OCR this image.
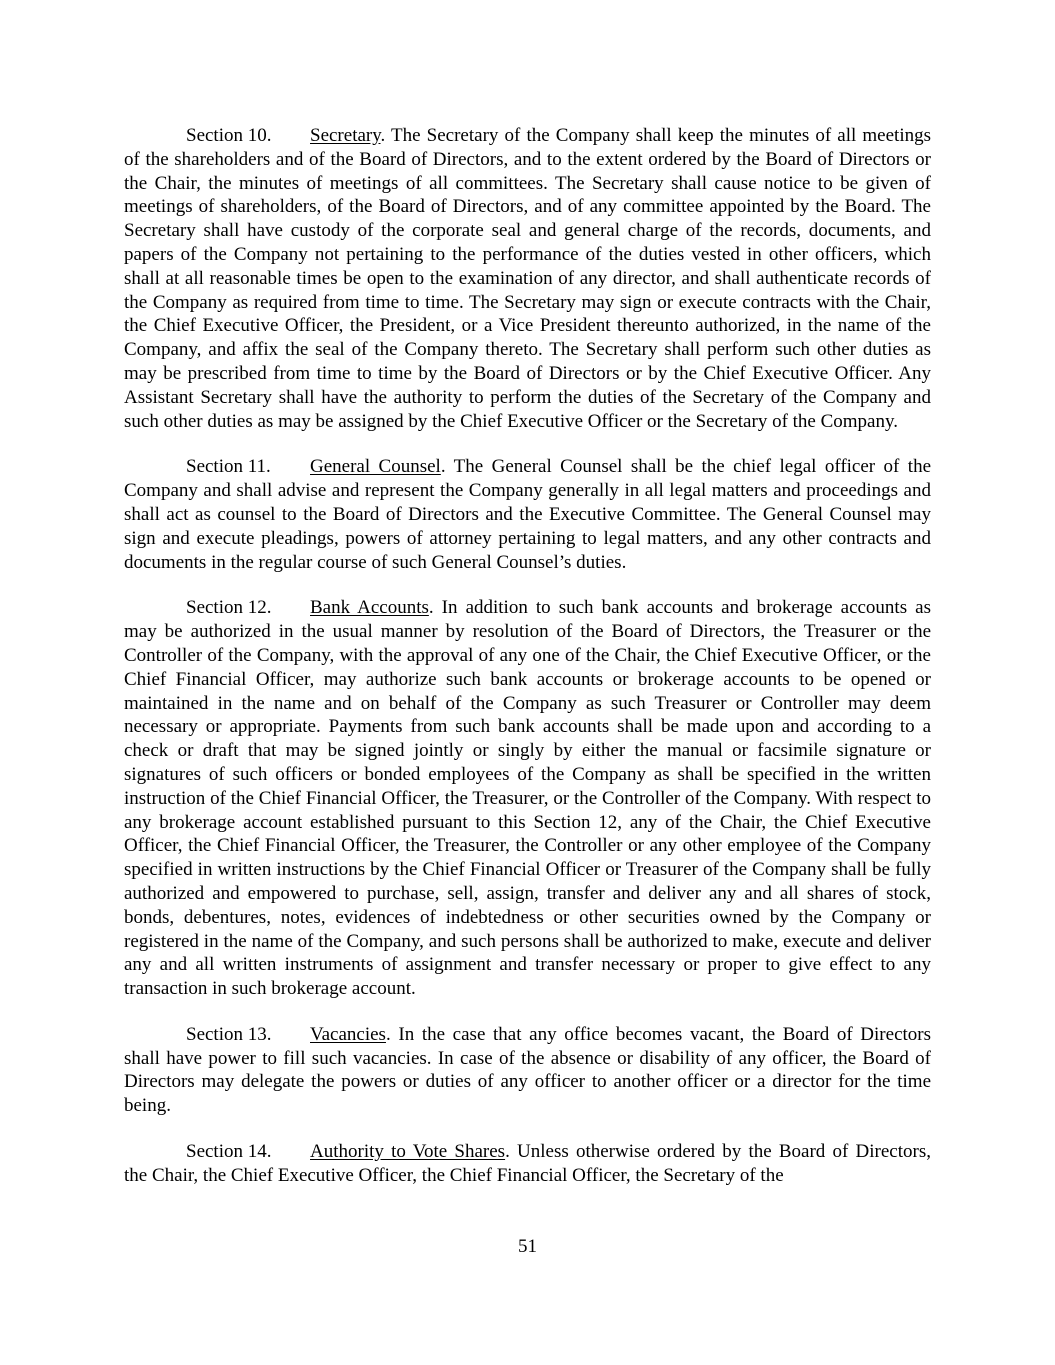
Section 10. Secretary. The Secretary of the Company shall keep the minutes of all meetings of the shareholders and of the Board of Directors, and to the extent ordered by the Board of Directors or the Chair, the minutes of meetings of all committees. The Secretary shall cause notice to be given of meetings of shareholders, of the Board of Directors, and of any committee appointed by the Board. The Secretary shall have custody of the corporate seal and general charge of the records, documents, and papers of the Company not pertaining to the performance of the duties vested in other officers, which shall at all reasonable times be open to the examination of any director, and shall authenticate records of the Company as required from time to time. The Secretary may sign or execute contracts with the Chair, the Chief Executive Officer, the President, or a Vice President thereunto authorized, in the name of the Company, and affix the seal of the Company thereto. The Secretary shall perform such other duties as may be prescribed from time to time by the Board of Directors or by the Chief Executive Officer. Any Assistant Secretary shall have the authority to perform the duties of the Secretary of the Company and such other duties as may be assigned by the Chief Executive Officer or the Secretary of the Company.

Section 11. General Counsel. The General Counsel shall be the chief legal officer of the Company and shall advise and represent the Company generally in all legal matters and proceedings and shall act as counsel to the Board of Directors and the Executive Committee. The General Counsel may sign and execute pleadings, powers of attorney pertaining to legal matters, and any other contracts and documents in the regular course of such General Counsel’s duties.

Section 12. Bank Accounts. In addition to such bank accounts and brokerage accounts as may be authorized in the usual manner by resolution of the Board of Directors, the Treasurer or the Controller of the Company, with the approval of any one of the Chair, the Chief Executive Officer, or the Chief Financial Officer, may authorize such bank accounts or brokerage accounts to be opened or maintained in the name and on behalf of the Company as such Treasurer or Controller may deem necessary or appropriate. Payments from such bank accounts shall be made upon and according to a check or draft that may be signed jointly or singly by either the manual or facsimile signature or signatures of such officers or bonded employees of the Company as shall be specified in the written instruction of the Chief Financial Officer, the Treasurer, or the Controller of the Company. With respect to any brokerage account established pursuant to this Section 12, any of the Chair, the Chief Executive Officer, the Chief Financial Officer, the Treasurer, the Controller or any other employee of the Company specified in written instructions by the Chief Financial Officer or Treasurer of the Company shall be fully authorized and empowered to purchase, sell, assign, transfer and deliver any and all shares of stock, bonds, debentures, notes, evidences of indebtedness or other securities owned by the Company or registered in the name of the Company, and such persons shall be authorized to make, execute and deliver any and all written instruments of assignment and transfer necessary or proper to give effect to any transaction in such brokerage account.

Section 13. Vacancies. In the case that any office becomes vacant, the Board of Directors shall have power to fill such vacancies. In case of the absence or disability of any officer, the Board of Directors may delegate the powers or duties of any officer to another officer or a director for the time being.

Section 14. Authority to Vote Shares. Unless otherwise ordered by the Board of Directors, the Chair, the Chief Executive Officer, the Chief Financial Officer, the Secretary of the

51
